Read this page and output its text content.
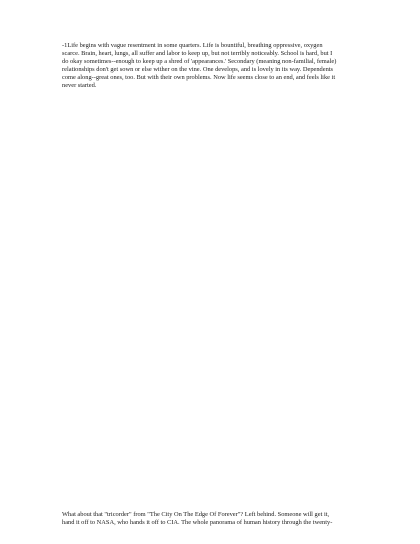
-1Life begins with vague resentment in some quarters. Life is bountiful, breathing oppressive, oxygen
scarce. Brain, heart, lungs, all suffer and labor to keep up, but not terribly noticeably. School is hard, but I
do okay sometimes--enough to keep up a shred of 'appearances.' Secondary (meaning non-familial, female)
relationships don't get sown or else wither on the vine. One develops, and is lovely in its way. Dependents
come along--great ones, too. But with their own problems. Now life seems close to an end, and feels like it
never started.

What about that "tricorder" from "The City On The Edge Of Forever"? Left behind. Someone will get it,
hand it off to NASA, who hands it off to CIA. The whole panorama of human history through the twenty-
